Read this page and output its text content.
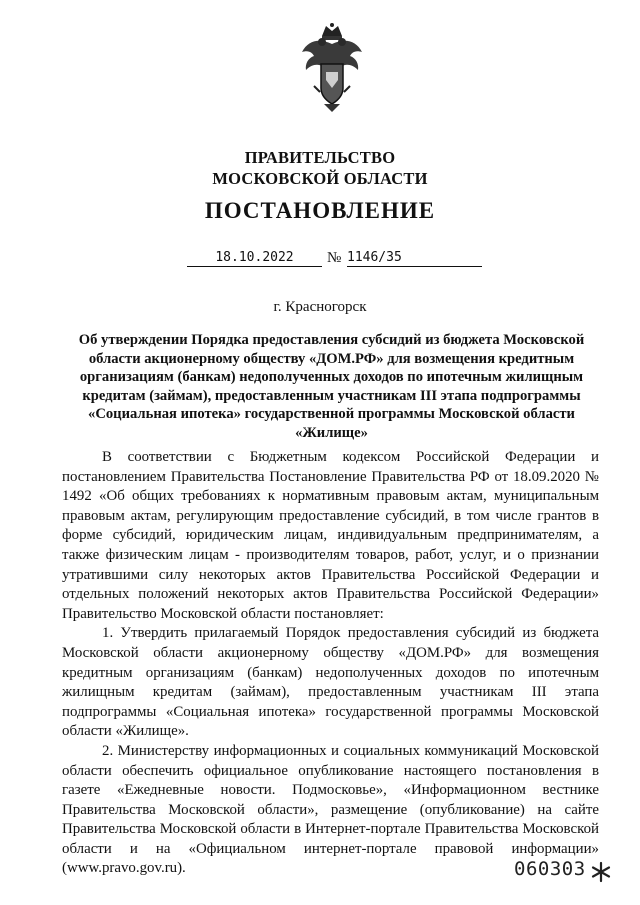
ПРАВИТЕЛЬСТВО
МОСКОВСКОЙ ОБЛАСТИ
ПОСТАНОВЛЕНИЕ
18.10.2022	№ 1146/35
г. Красногорск
Об утверждении Порядка предоставления субсидий из бюджета Московской области акционерному обществу «ДОМ.РФ» для возмещения кредитным организациям (банкам) недополученных доходов по ипотечным жилищным кредитам (займам), предоставленным участникам III этапа подпрограммы «Социальная ипотека» государственной программы Московской области «Жилище»

В соответствии с Бюджетным кодексом Российской Федерации и постановлением Правительства Постановление Правительства РФ от 18.09.2020 № 1492 «Об общих требованиях к нормативным правовым актам, муниципальным правовым актам, регулирующим предоставление субсидий, в том числе грантов в форме субсидий, юридическим лицам, индивидуальным предпринимателям, а также физическим лицам - производителям товаров, работ, услуг, и о признании утратившими силу некоторых актов Правительства Российской Федерации и отдельных положений некоторых актов Правительства Российской Федерации» Правительство Московской области постановляет:

1. Утвердить прилагаемый Порядок предоставления субсидий из бюджета Московской области акционерному обществу «ДОМ.РФ» для возмещения кредитным организациям (банкам) недополученных доходов по ипотечным жилищным кредитам (займам), предоставленным участникам III этапа подпрограммы «Социальная ипотека» государственной программы Московской области «Жилище».

2. Министерству информационных и социальных коммуникаций Московской области обеспечить официальное опубликование настоящего постановления в газете «Ежедневные новости. Подмосковье», «Информационном вестнике Правительства Московской области», размещение (опубликование) на сайте Правительства Московской области в Интернет-портале Правительства Московской области и на «Официальном интернет-портале правовой информации» (www.pravo.gov.ru).	060303
